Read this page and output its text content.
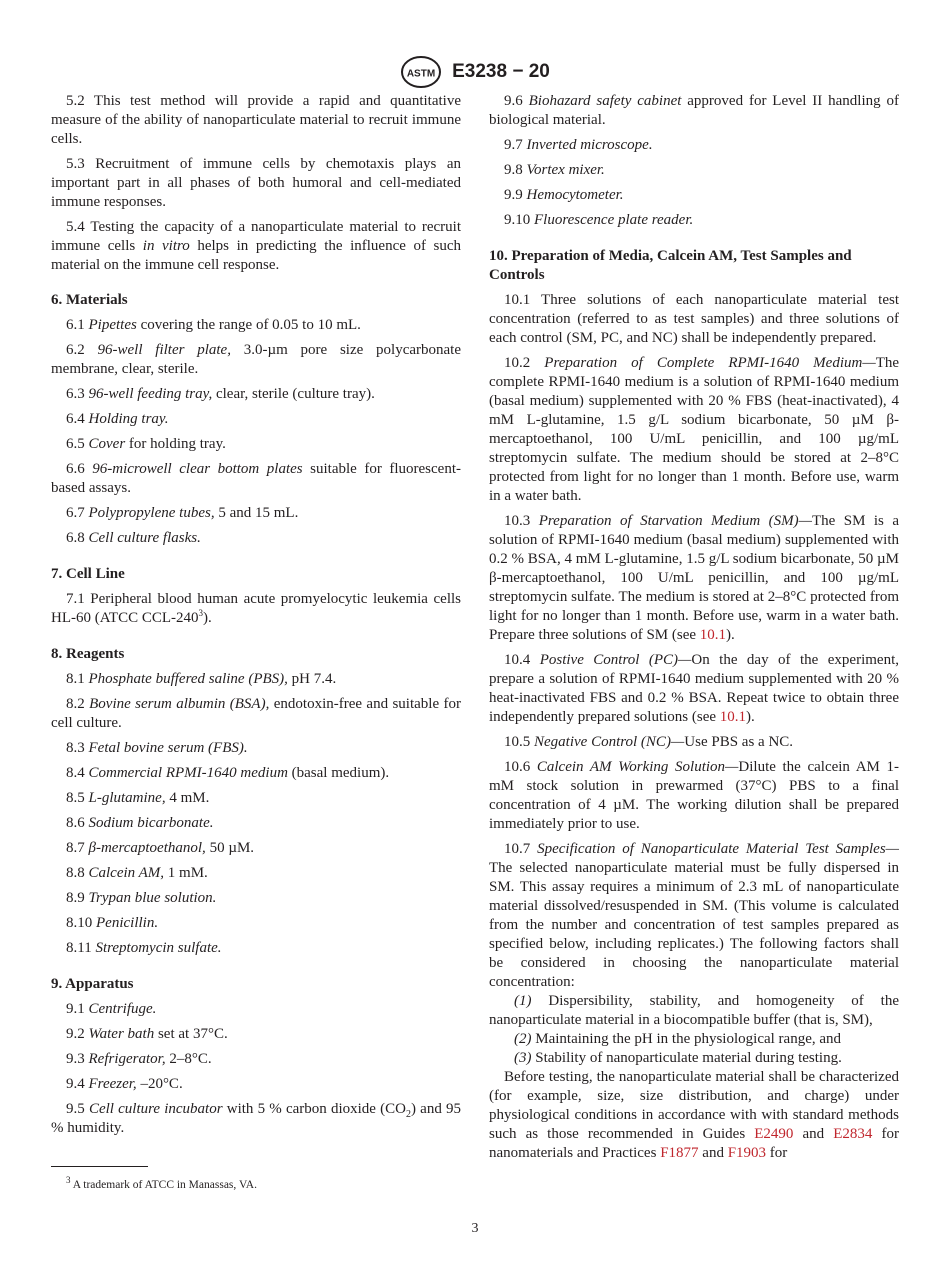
ASTM E3238 − 20

5.2 This test method will provide a rapid and quantitative measure of the ability of nanoparticulate material to recruit immune cells.

5.3 Recruitment of immune cells by chemotaxis plays an important part in all phases of both humoral and cell-mediated immune responses.

5.4 Testing the capacity of a nanoparticulate material to recruit immune cells in vitro helps in predicting the influence of such material on the immune cell response.

6. Materials

6.1 Pipettes covering the range of 0.05 to 10 mL.

6.2 96-well filter plate, 3.0-µm pore size polycarbonate membrane, clear, sterile.

6.3 96-well feeding tray, clear, sterile (culture tray).

6.4 Holding tray.

6.5 Cover for holding tray.

6.6 96-microwell clear bottom plates suitable for fluorescent-based assays.

6.7 Polypropylene tubes, 5 and 15 mL.

6.8 Cell culture flasks.

7. Cell Line

7.1 Peripheral blood human acute promyelocytic leukemia cells HL-60 (ATCC CCL-$240^3$).

8. Reagents

8.1 Phosphate buffered saline (PBS), pH 7.4.

8.2 Bovine serum albumin (BSA), endotoxin-free and suitable for cell culture.

8.3 Fetal bovine serum (FBS).

8.4 Commercial RPMI-1640 medium (basal medium).

8.5 L-glutamine, 4 mM.

8.6 Sodium bicarbonate.

8.7 β-mercaptoethanol, 50 µM.

8.8 Calcein AM, 1 mM.

8.9 Trypan blue solution.

8.10 Penicillin.

8.11 Streptomycin sulfate.

9. Apparatus

9.1 Centrifuge.

9.2 Water bath set at 37°C.

9.3 Refrigerator, 2–8°C.

9.4 Freezer, –20°C.

9.5 Cell culture incubator with 5 % carbon dioxide $(CO_2)$ and 95 % humidity.

9.6 Biohazard safety cabinet approved for Level II handling of biological material.

9.7 Inverted microscope.

9.8 Vortex mixer.

9.9 Hemocytometer.

9.10 Fluorescence plate reader.

10. Preparation of Media, Calcein AM, Test Samples and Controls

10.1 Three solutions of each nanoparticulate material test concentration (referred to as test samples) and three solutions of each control (SM, PC, and NC) shall be independently prepared.

10.2 Preparation of Complete RPMI-1640 Medium—The complete RPMI-1640 medium is a solution of RPMI-1640 medium (basal medium) supplemented with 20 % FBS (heat-inactivated), 4 mM L-glutamine, 1.5 g/L sodium bicarbonate, 50 µM β-mercaptoethanol, 100 U/mL penicillin, and 100 µg/mL streptomycin sulfate. The medium should be stored at 2–8°C protected from light for no longer than 1 month. Before use, warm in a water bath.

10.3 Preparation of Starvation Medium (SM)—The SM is a solution of RPMI-1640 medium (basal medium) supplemented with 0.2 % BSA, 4 mM L-glutamine, 1.5 g/L sodium bicarbonate, 50 µM β-mercaptoethanol, 100 U/mL penicillin, and 100 µg/mL streptomycin sulfate. The medium is stored at 2–8°C protected from light for no longer than 1 month. Before use, warm in a water bath. Prepare three solutions of SM (see 10.1).

10.4 Postive Control (PC)—On the day of the experiment, prepare a solution of RPMI-1640 medium supplemented with 20 % heat-inactivated FBS and 0.2 % BSA. Repeat twice to obtain three independently prepared solutions (see 10.1).

10.5 Negative Control (NC)—Use PBS as a NC.

10.6 Calcein AM Working Solution—Dilute the calcein AM 1-mM stock solution in prewarmed (37°C) PBS to a final concentration of 4 µM. The working dilution shall be prepared immediately prior to use.

10.7 Specification of Nanoparticulate Material Test Samples—The selected nanoparticulate material must be fully dispersed in SM. This assay requires a minimum of 2.3 mL of nanoparticulate material dissolved/resuspended in SM. (This volume is calculated from the number and concentration of test samples prepared as specified below, including replicates.) The following factors shall be considered in choosing the nanoparticulate material concentration:

(1) Dispersibility, stability, and homogeneity of the nanoparticulate material in a biocompatible buffer (that is, SM),

(2) Maintaining the pH in the physiological range, and

(3) Stability of nanoparticulate material during testing.

Before testing, the nanoparticulate material shall be characterized (for example, size, size distribution, and charge) under physiological conditions in accordance with with standard methods such as those recommended in Guides E2490 and E2834 for nanomaterials and Practices F1877 and F1903 for

$^3$ A trademark of ATCC in Manassas, VA.
3
